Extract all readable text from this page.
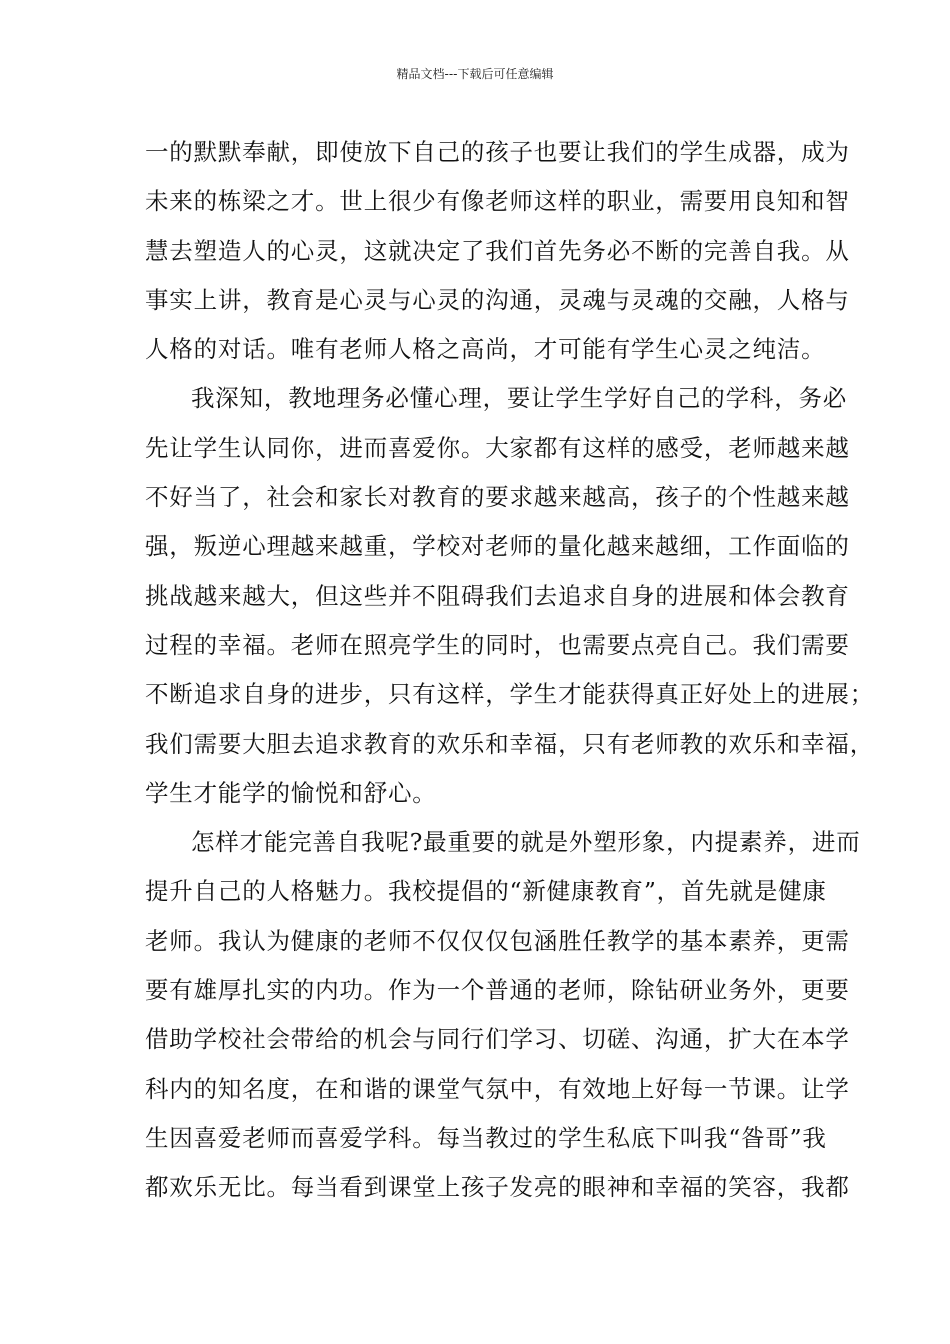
精品文档---下载后可任意编辑
一的默默奉献，即使放下自己的孩子也要让我们的学生成器，成为
未来的栋梁之才。世上很少有像老师这样的职业，需要用良知和智
慧去塑造人的心灵，这就决定了我们首先务必不断的完善自我。从
事实上讲，教育是心灵与心灵的沟通，灵魂与灵魂的交融，人格与
人格的对话。唯有老师人格之高尚，才可能有学生心灵之纯洁。
我深知，教地理务必懂心理，要让学生学好自己的学科，务必
先让学生认同你，进而喜爱你。大家都有这样的感受，老师越来越
不好当了，社会和家长对教育的要求越来越高，孩子的个性越来越
强，叛逆心理越来越重，学校对老师的量化越来越细，工作面临的
挑战越来越大，但这些并不阻碍我们去追求自身的进展和体会教育
过程的幸福。老师在照亮学生的同时，也需要点亮自己。我们需要
不断追求自身的进步，只有这样，学生才能获得真正好处上的进展；
我们需要大胆去追求教育的欢乐和幸福，只有老师教的欢乐和幸福，
学生才能学的愉悦和舒心。
怎样才能完善自我呢?最重要的就是外塑形象，内提素养，进而
提升自己的人格魅力。我校提倡的“新健康教育”，首先就是健康
老师。我认为健康的老师不仅仅仅包涵胜任教学的基本素养，更需
要有雄厚扎实的内功。作为一个普通的老师，除钻研业务外，更要
借助学校社会带给的机会与同行们学习、切磋、沟通，扩大在本学
科内的知名度，在和谐的课堂气氛中，有效地上好每一节课。让学
生因喜爱老师而喜爱学科。每当教过的学生私底下叫我“昝哥”我
都欢乐无比。每当看到课堂上孩子发亮的眼神和幸福的笑容，我都
